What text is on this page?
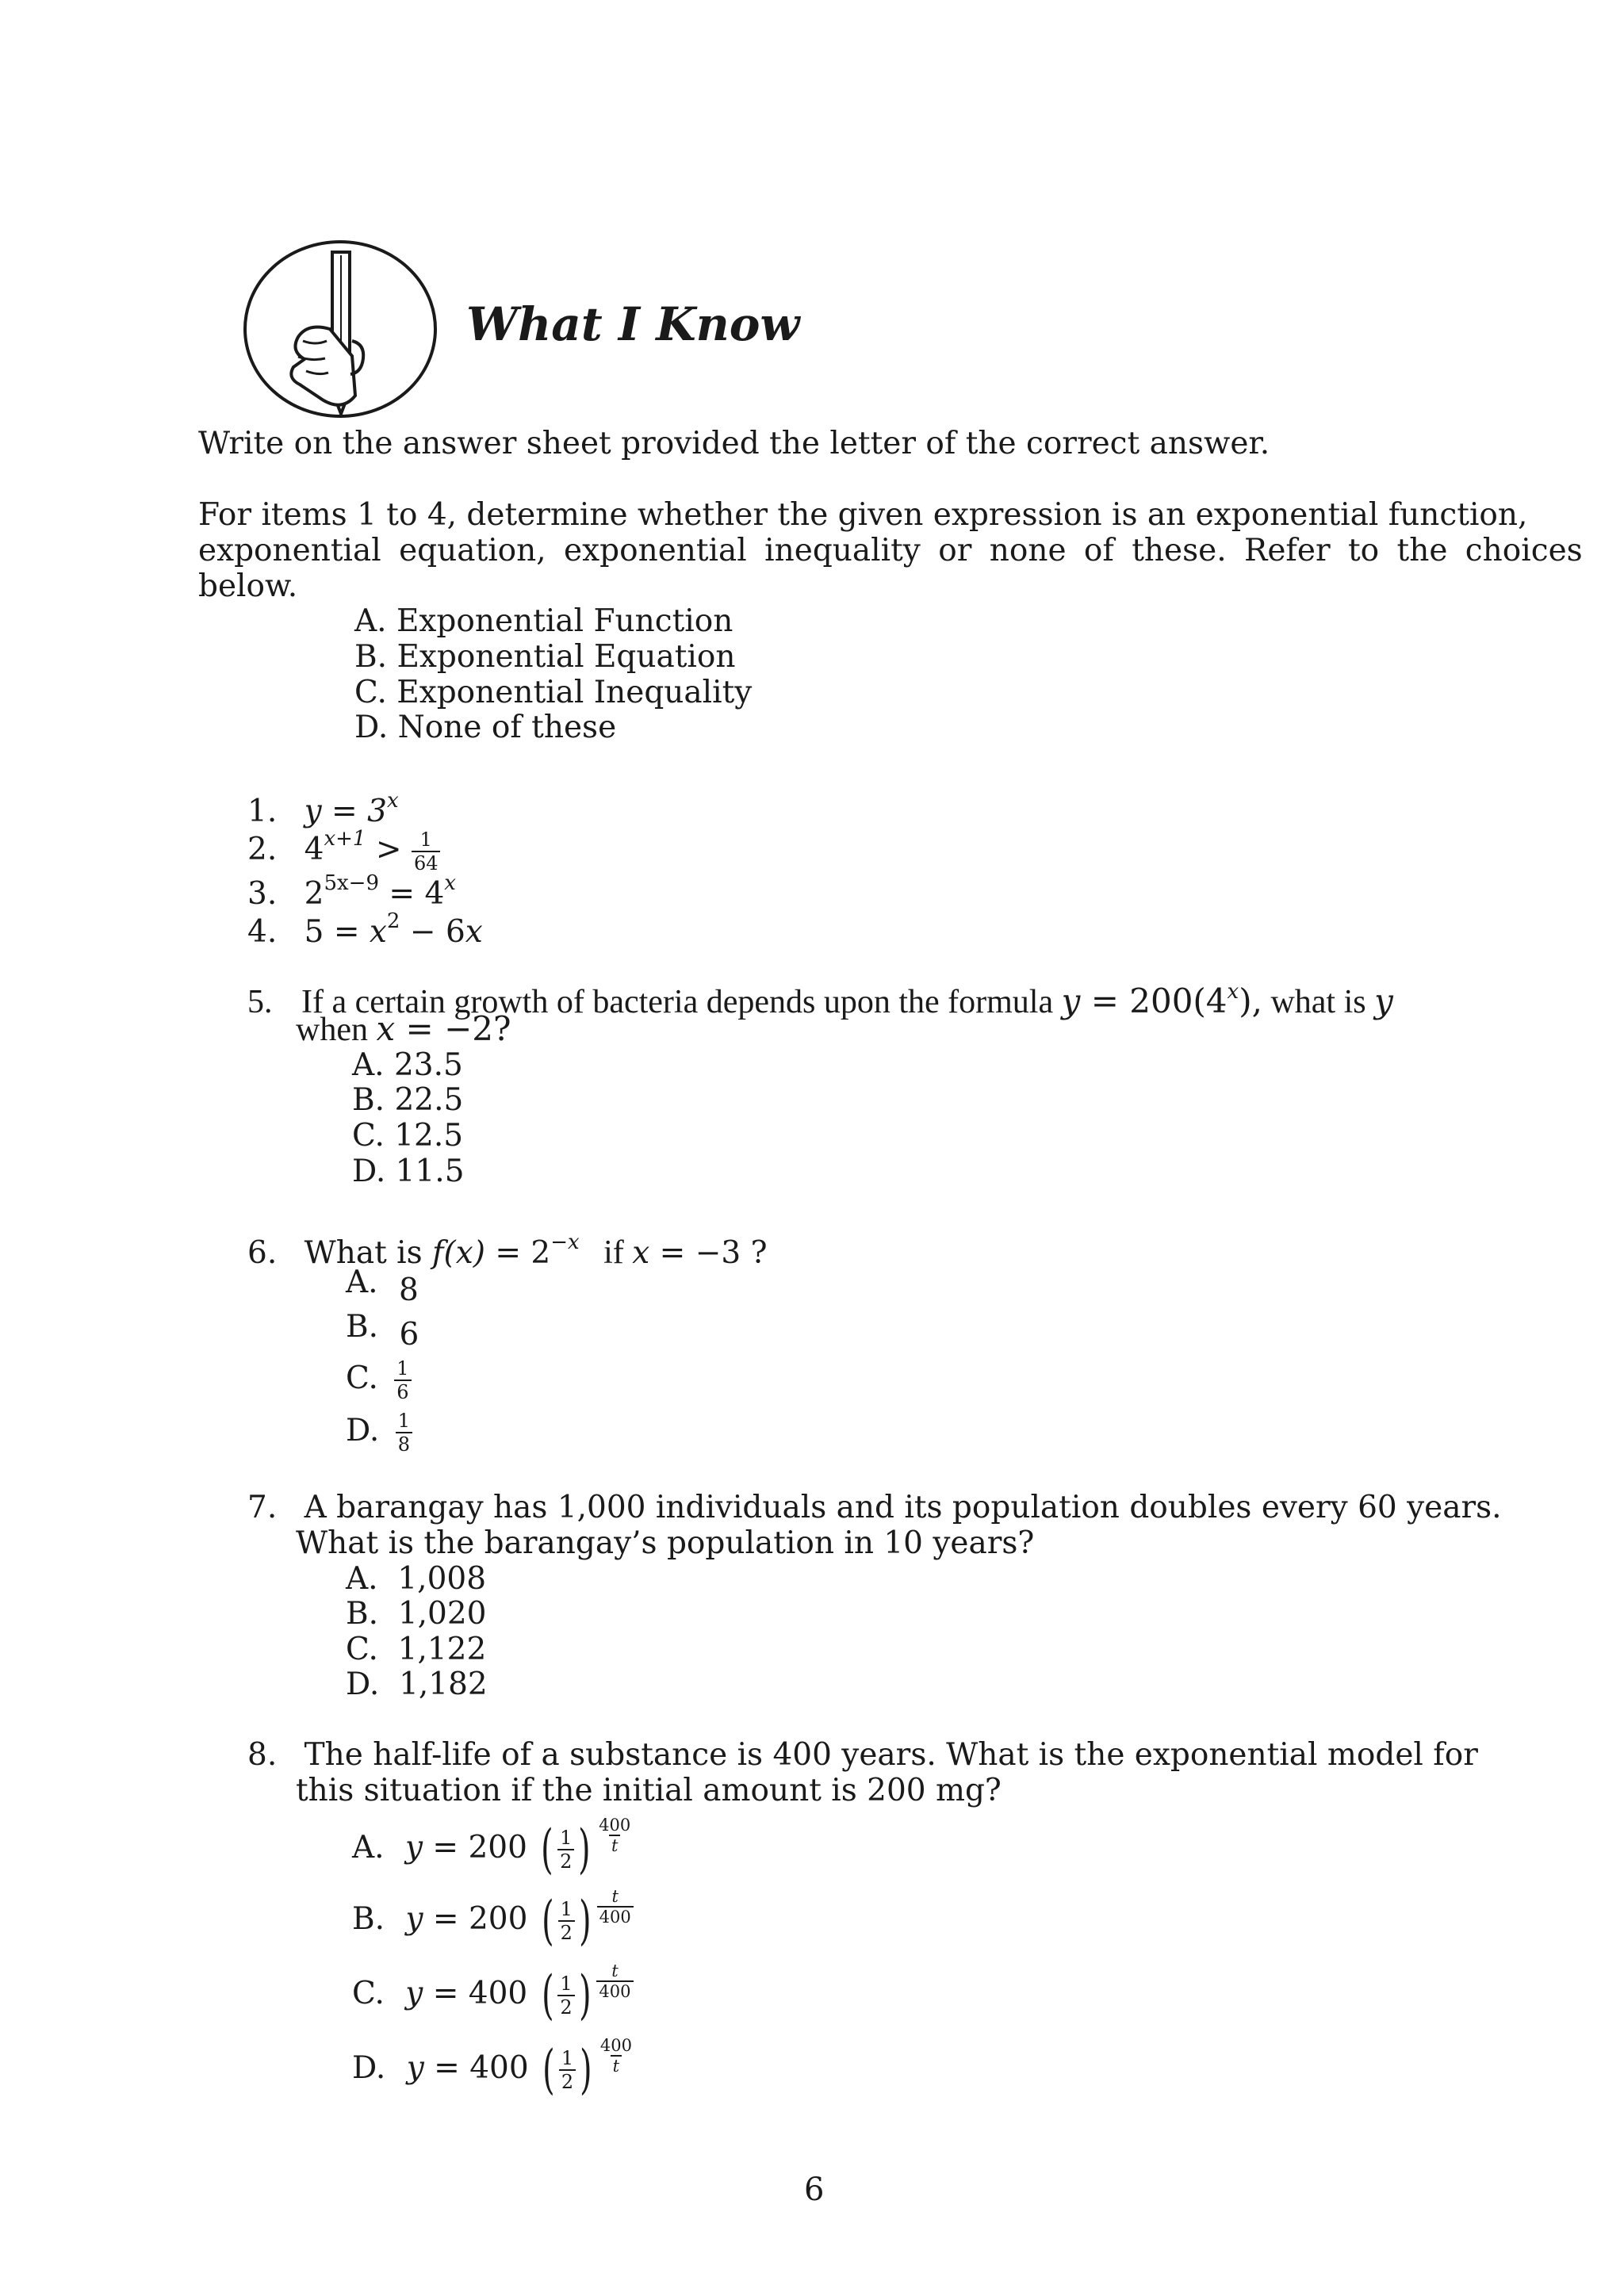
What I Know
Write on the answer sheet provided the letter of the correct answer.
For items 1 to 4, determine whether the given expression is an exponential function,
exponential equation, exponential inequality or none of these. Refer to the choices
below.
A. Exponential Function
B. Exponential Equation
C. Exponential Inequality
D. None of these
1. $y = 3^x$
2. $4^{x+1} > \frac{1}{64}$
3. $2^{5x-9} = 4^x$
4. $5 = x^2 - 6x$
5. If a certain growth of bacteria depends upon the formula $y = 200(4^x)$, what is y
when x = −2?
A. 23.5
B. 22.5
C. 12.5
D. 11.5
6. What is $f(x) = 2^{-x}$ if x = −3 ?
A. 8
B. 6
C. $\frac{1}{6}$
D. $\frac{1}{8}$
7. A barangay has 1,000 individuals and its population doubles every 60 years.
What is the barangay’s population in 10 years?
A.  1,008
B.  1,020
C.  1,122
D.  1,182
8. The half-life of a substance is 400 years. What is the exponential model for
this situation if the initial amount is 200 mg?
A. y = 200 ( $\frac{1}{2}$ ) $\frac{400}{t}$
B. y = 200 ( $\frac{1}{2}$ ) $\frac{t}{400}$
C. y = 400 ( $\frac{1}{2}$ ) $\frac{t}{400}$
D. y = 400 ( $\frac{1}{2}$ ) $\frac{400}{t}$
6
